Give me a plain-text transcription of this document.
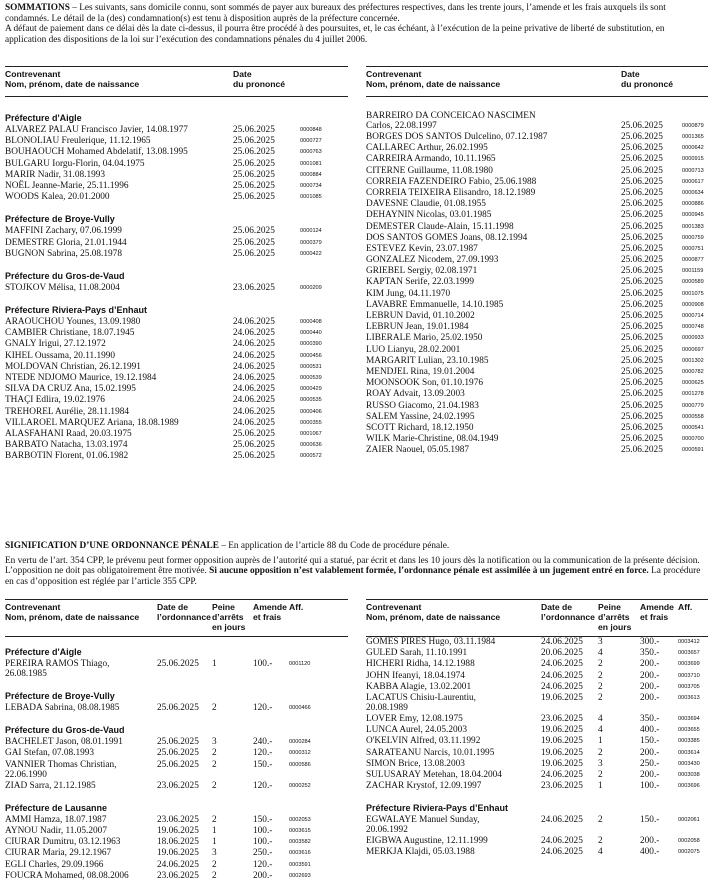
SOMMATIONS – Les suivants, sans domicile connu, sont sommés de payer aux bureaux des préfectures respectives, dans les trente jours, l’amende et les frais auxquels ils sont condamnés. Le détail de la (des) condamnation(s) est tenu à disposition auprès de la préfecture concernée.

A défaut de paiement dans ce délai dès la date ci-dessus, il pourra être procédé à des poursuites, et, le cas échéant, à l’exécution de la peine privative de liberté de substitution, en application des dispositions de la loi sur l’exécution des condamnations pénales du 4 juillet 2006.

Contrevenant
Nom, prénom, date de naissance
Date
du prononcé
Préfecture d'Aigle
ALVAREZ PALAU Francisco Javier, 14.08.1977	25.06.2025	0000848
BLONOLIAU Freulerique, 11.12.1965	25.06.2025	0000727
BOUHAOUCH Mohamed Abdelatif, 13.08.1995	25.06.2025	0000763
BULGARU Iorgu-Florin, 04.04.1975	25.06.2025	0001081
MARIR Nadir, 31.08.1993	25.06.2025	0000884
NOËL Jeanne-Marie, 25.11.1996	25.06.2025	0000734
WOODS Kalea, 20.01.2000	25.06.2025	0001085
Préfecture de Broye-Vully
MAFFINI Zachary, 07.06.1999	25.06.2025	0000124
DEMESTRE Gloria, 21.01.1944	25.06.2025	0000379
BUGNON Sabrina, 25.08.1978	25.06.2025	0000422
Préfecture du Gros-de-Vaud
STOJKOV Mélisa, 11.08.2004	23.06.2025	0000209
Préfecture Riviera-Pays d’Enhaut
ARAOUCHOU Younes, 13.09.1980	24.06.2025	0000408
CAMBIER Christiane, 18.07.1945	24.06.2025	0000440
GNALY Irigui, 27.12.1972	24.06.2025	0000390
KIHEL Oussama, 20.11.1990	24.06.2025	0000456
MOLDOVAN Christian, 26.12.1991	24.06.2025	0000531
NTEDE NDJOMO Maurice, 19.12.1984	24.06.2025	0000539
SILVA DA CRUZ Ana, 15.02.1995	24.06.2025	0000429
THAÇI Edlira, 19.02.1976	24.06.2025	0000535
TREHOREL Aurélie, 28.11.1984	24.06.2025	0000406
VILLAROEL MARQUEZ Ariana, 18.08.1989	24.06.2025	0000355
ALASFAHANI Raad, 20.03.1975	25.06.2025	0001067
BARBATO Natacha, 13.03.1974	25.06.2025	0000636
BARBOTIN Florent, 01.06.1982	25.06.2025	0000572
Contrevenant
Nom, prénom, date de naissance
Date
du prononcé
BARREIRO DA CONCEICAO NASCIMEN
Carlos, 22.08.1997	25.06.2025	0000879
BORGES DOS SANTOS Dulcelino, 07.12.1987	25.06.2025	0001365
CALLAREC Arthur, 26.02.1995	25.06.2025	0000642
CARREIRA Armando, 10.11.1965	25.06.2025	0000915
CITERNE Guillaume, 11.08.1980	25.06.2025	0000713
CORREIA FAZENDEIRO Fabio, 25.06.1988	25.06.2025	0000617
CORREIA TEIXEIRA Elisandro, 18.12.1989	25.06.2025	0000634
DAVESNE Claudie, 01.08.1955	25.06.2025	0000886
DEHAYNIN Nicolas, 03.01.1985	25.06.2025	0000945
DEMESTER Claude-Alain, 15.11.1998	25.06.2025	0001383
DOS SANTOS GOMES Joans, 08.12.1994	25.06.2025	0000759
ESTEVEZ Kevin, 23.07.1987	25.06.2025	0000751
GONZALEZ Nicodem, 27.09.1993	25.06.2025	0000877
GRIEBEL Sergiy, 02.08.1971	25.06.2025	0001159
KAPTAN Serife, 22.03.1999	25.06.2025	0000589
KIM Jung, 04.11.1970	25.06.2025	0001075
LAVABRE Emmanuelle, 14.10.1985	25.06.2025	0000908
LEBRUN David, 01.10.2002	25.06.2025	0000714
LEBRUN Jean, 19.01.1984	25.06.2025	0000748
LIBERALE Mario, 25.02.1950	25.06.2025	0000933
LUO Lianyu, 28.02.2001	25.06.2025	0000697
MARGARIT Lulian, 23.10.1985	25.06.2025	0001302
MENDJEL Rina, 19.01.2004	25.06.2025	0000782
MOONSOOK Son, 01.10.1976	25.06.2025	0000625
ROAY Advait, 13.09.2003	25.06.2025	0001278
RUSSO Giacomo, 21.04.1983	25.06.2025	0000779
SALEM Yassine, 24.02.1995	25.06.2025	0000558
SCOTT Richard, 18.12.1950	25.06.2025	0000541
WILK Marie-Christine, 08.04.1949	25.06.2025	0000700
ZAIER Naouel, 05.05.1987	25.06.2025	0000591

SIGNIFICATION D’UNE ORDONNANCE PÉNALE – En application de l’article 88 du Code de procédure pénale.

En vertu de l’art. 354 CPP, le prévenu peut former opposition auprès de l’autorité qui a statué, par écrit et dans les 10 jours dès la notification ou la communication de la présente décision. L’opposition ne doit pas obligatoirement être motivée. Si aucune opposition n’est valablement formée, l’ordonnance pénale est assimilée à un jugement entré en force. La procédure en cas d’opposition est réglée par l’article 355 CPP.

Contrevenant
Nom, prénom, date de naissance
Date de
l’ordonnance
Peine
d’arrêts
en jours
Amende
et frais
Aff.
Préfecture d'Aigle
PEREIRA RAMOS Thiago,
26.08.1985
25.06.2025 1	100.-	0001120
Préfecture de Broye-Vully
LEBADA Sabrina, 08.08.1985	25.06.2025 2	120.-	0000466
Préfecture du Gros-de-Vaud
BACHELET Jason, 08.01.1991	25.06.2025 3	240.-	0000284
GAI Stefan, 07.08.1993	25.06.2025 2	120.-	0000312
VANNIER Thomas Christian,
22.06.1990
25.06.2025 2	150.-	0000586
ZIAD Sarra, 21.12.1985	23.06.2025 2	120.-	0000252
Préfecture de Lausanne
AMMI Hamza, 18.07.1987	23.06.2025 2	150.-	0002053
AYNOU Nadir, 11.05.2007	19.06.2025 1	100.-	0003615
CIURAR Dumitru, 03.12.1963	18.06.2025 1	100.-	0003582
CIURAR Maria, 29.12.1967	19.06.2025 3	250.-	0003616
EGLI Charles, 29.09.1966	24.06.2025 2	120.-	0003591
FOUCRA Mohamed, 08.08.2006	23.06.2025 2	200.-	0002693
Contrevenant
Nom, prénom, date de naissance
Date de
l’ordonnance
Peine
d’arrêts
en jours
Amende
et frais
Aff.
GOMES PIRES Hugo, 03.11.1984	24.06.2025 3	300.-	0003412
GULED Sarah, 11.10.1991	20.06.2025 4	350.-	0003657
HICHERI Ridha, 14.12.1988	24.06.2025 2	200.-	0003699
JOHN Ifeanyi, 18.04.1974	24.06.2025 2	200.-	0003710
KABBA Alagie, 13.02.2001	24.06.2025 2	200.-	0003705
LACATUS Chisiu-Laurentiu,
20.08.1989
19.06.2025 2	200.-	0003613
LOVER Emy, 12.08.1975	23.06.2025 4	350.-	0003694
LUNCA Aurel, 24.05.2003	19.06.2025 4	400.-	0003655
O'KELVIN Alfred, 03.11.1992	19.06.2025 1	150.-	0003385
SARATEANU Narcis, 10.01.1995	19.06.2025 2	200.-	0003614
SIMON Brice, 13.08.2003	19.06.2025 3	250.-	0003430
SULUSARAY Metehan, 18.04.2004	24.06.2025 2	200.-	0003038
ZACHAR Krystof, 12.09.1997	23.06.2025 1	100.-	0003696
Préfecture Riviera-Pays d’Enhaut
EGWALAYE Manuel Sunday,
20.06.1992
24.06.2025 2	150.-	0002061
EIGBWA Augustine, 12.11.1999	24.06.2025 2	200.-	0002058
MERKJA Klajdi, 05.03.1988	24.06.2025 4	400.-	0002075
